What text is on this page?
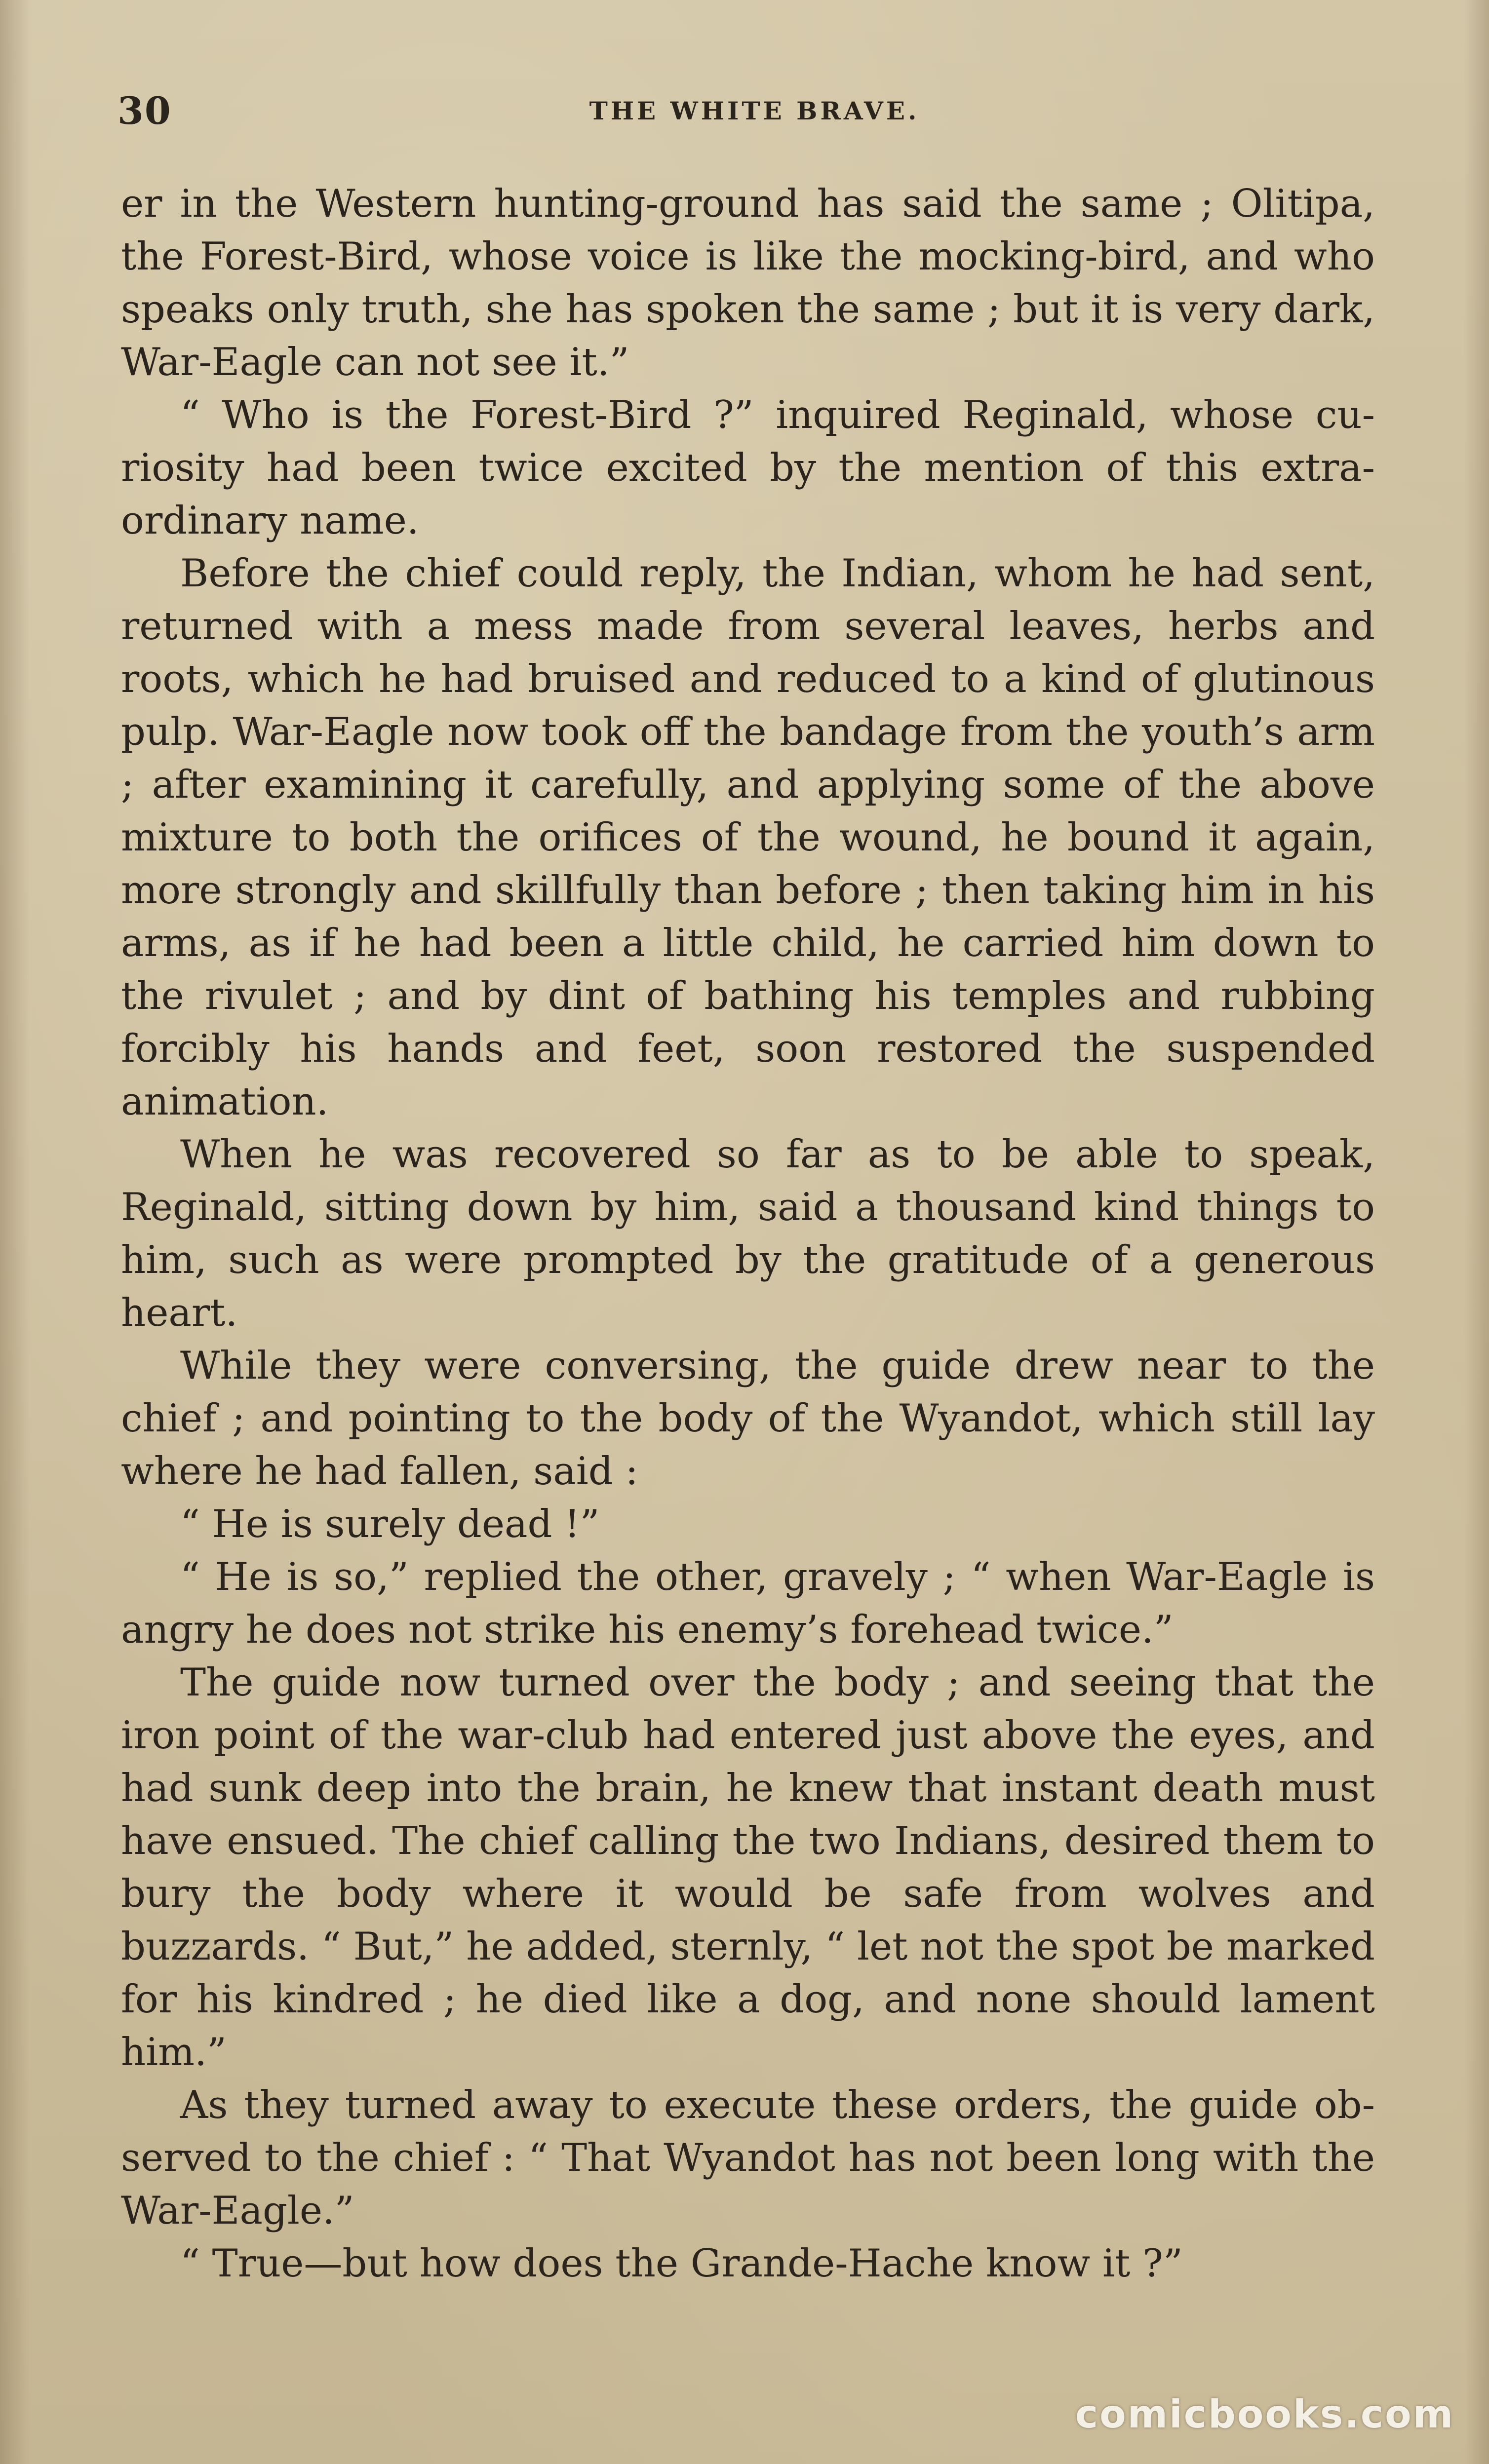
30	THE WHITE BRAVE.

er in the Western hunting-ground has said the same ; Olitipa, the Forest-Bird, whose voice is like the mocking-bird, and who speaks only truth, she has spoken the same ; but it is very dark, War-Eagle can not see it.”

“ Who is the Forest-Bird ?” inquired Reginald, whose curiosity had been twice excited by the mention of this extraordinary name.

Before the chief could reply, the Indian, whom he had sent, returned with a mess made from several leaves, herbs and roots, which he had bruised and reduced to a kind of glutinous pulp. War-Eagle now took off the bandage from the youth’s arm ; after examining it carefully, and applying some of the above mixture to both the orifices of the wound, he bound it again, more strongly and skillfully than before ; then taking him in his arms, as if he had been a little child, he carried him down to the rivulet ; and by dint of bathing his temples and rubbing forcibly his hands and feet, soon restored the suspended animation.

When he was recovered so far as to be able to speak, Reginald, sitting down by him, said a thousand kind things to him, such as were prompted by the gratitude of a generous heart.

While they were conversing, the guide drew near to the chief ; and pointing to the body of the Wyandot, which still lay where he had fallen, said :

“ He is surely dead !”

“ He is so,” replied the other, gravely ; “ when War-Eagle is angry he does not strike his enemy’s forehead twice.”

The guide now turned over the body ; and seeing that the iron point of the war-club had entered just above the eyes, and had sunk deep into the brain, he knew that instant death must have ensued. The chief calling the two Indians, desired them to bury the body where it would be safe from wolves and buzzards. “ But,” he added, sternly, “ let not the spot be marked for his kindred ; he died like a dog, and none should lament him.”

As they turned away to execute these orders, the guide observed to the chief : “ That Wyandot has not been long with the War-Eagle.”

“ True—but how does the Grande-Hache know it ?”

comicbooks.com
